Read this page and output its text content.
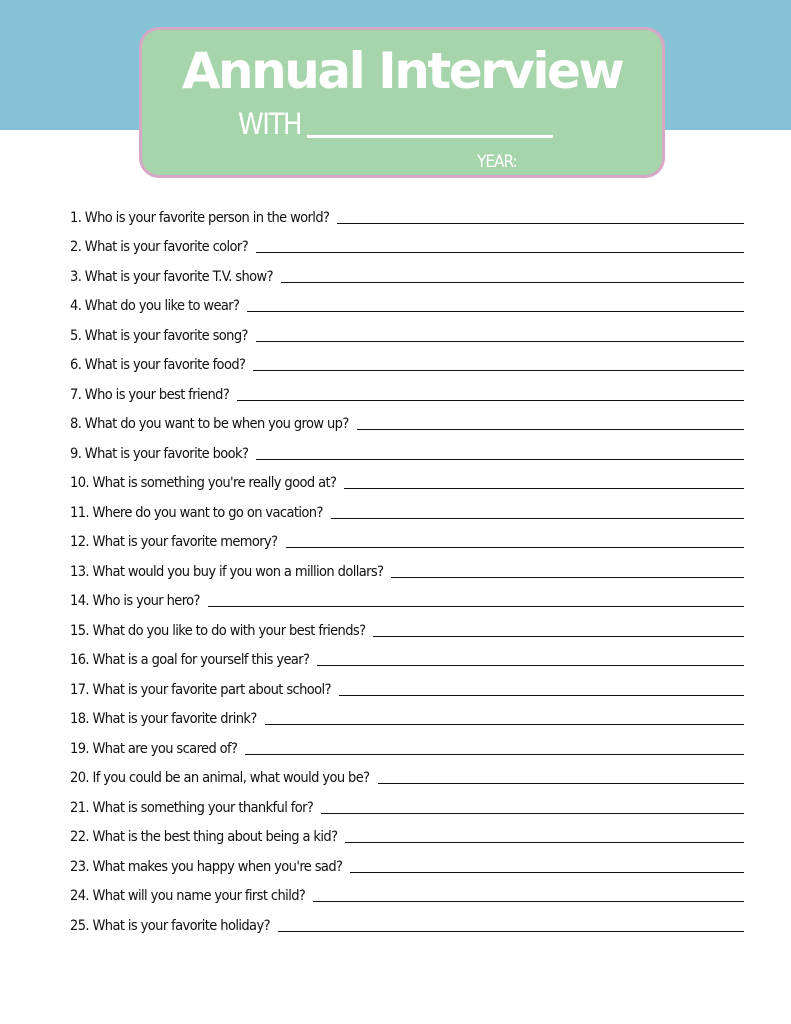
Annual Interview
WITH
YEAR:
1. Who is your favorite person in the world?
2. What is your favorite color?
3. What is your favorite T.V. show?
4. What do you like to wear?
5. What is your favorite song?
6. What is your favorite food?
7. Who is your best friend?
8. What do you want to be when you grow up?
9. What is your favorite book?
10. What is something you're really good at?
11. Where do you want to go on vacation?
12. What is your favorite memory?
13. What would you buy if you won a million dollars?
14. Who is your hero?
15. What do you like to do with your best friends?
16. What is a goal for yourself this year?
17. What is your favorite part about school?
18. What is your favorite drink?
19. What are you scared of?
20. If you could be an animal, what would you be?
21. What is something your thankful for?
22. What is the best thing about being a kid?
23. What makes you happy when you're sad?
24. What will you name your first child?
25. What is your favorite holiday?
